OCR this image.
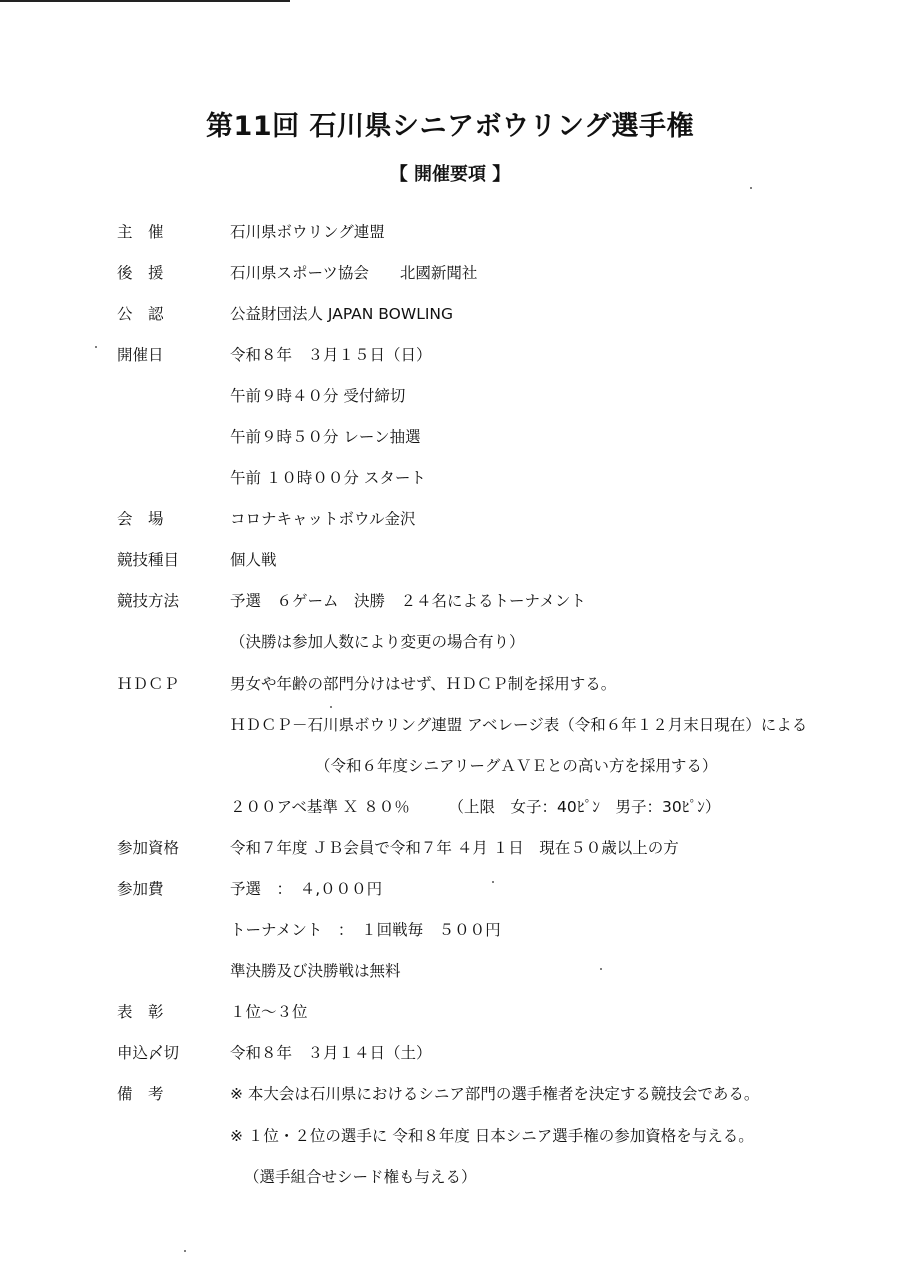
第11回 石川県シニアボウリング選手権
【 開催要項 】
主　催	石川県ボウリング連盟
後　援	石川県スポーツ協会　　北國新聞社
公　認	公益財団法人 JAPAN BOWLING
開催日	令和８年　３月１５日（日）
午前９時４０分 受付締切
午前９時５０分 レーン抽選
午前 １０時００分 スタート
会　場	コロナキャットボウル金沢
競技種目	個人戦
競技方法	予選　６ゲーム　決勝　２４名によるトーナメント
（決勝は参加人数により変更の場合有り）
ＨＤＣＰ	男女や年齢の部門分けはせず、ＨＤＣＰ制を採用する。
ＨＤＣＰ－石川県ボウリング連盟 アベレージ表（令和６年１２月末日現在）による
（令和６年度シニアリーグＡＶＥとの高い方を採用する）
２００アベ基準 Ｘ ８０％　　　（上限　女子：40ﾋﾟﾝ　男子：30ﾋﾟﾝ）
参加資格	令和７年度 ＪＢ会員で令和７年 ４月 １日　現在５０歳以上の方
参加費	予選　：　４,０００円
トーナメント　：　１回戦毎　５００円
準決勝及び決勝戦は無料
表　彰	１位～３位
申込〆切	令和８年　３月１４日（土）
備　考	※ 本大会は石川県におけるシニア部門の選手権者を決定する競技会である。
※ １位・２位の選手に 令和８年度 日本シニア選手権の参加資格を与える。
（選手組合せシード権も与える）
